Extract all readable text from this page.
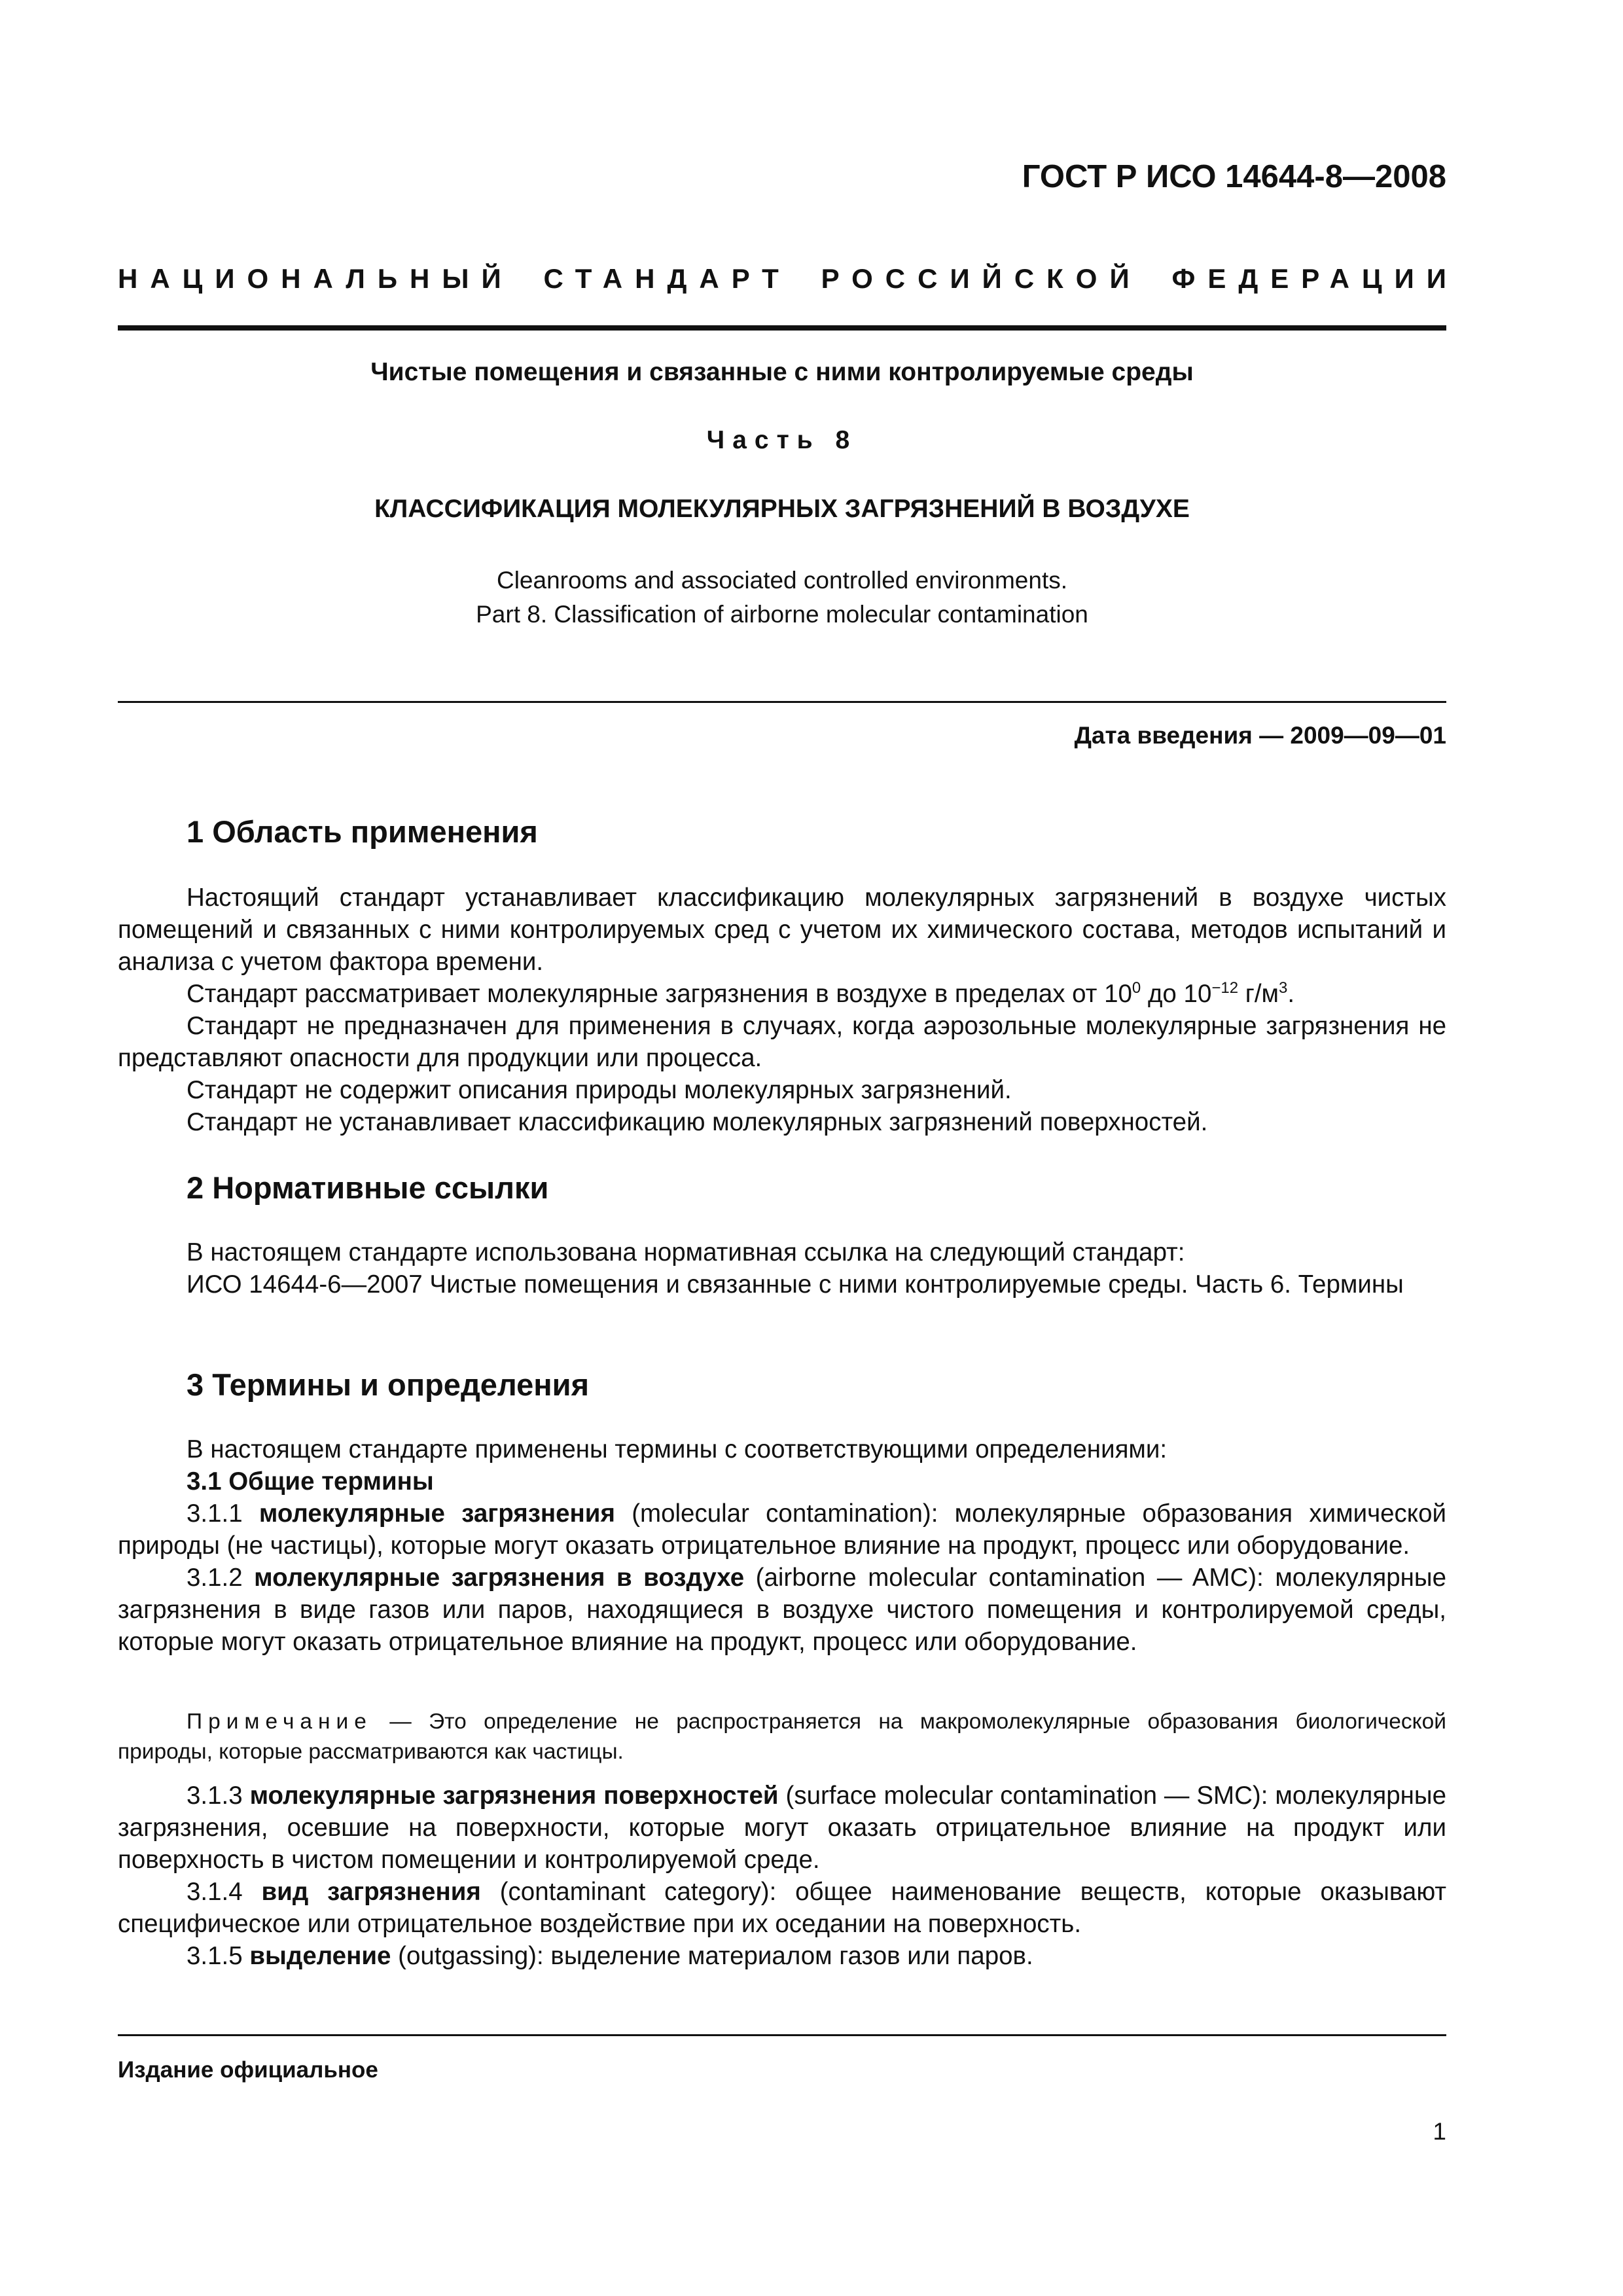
ГОСТ Р ИСО 14644-8—2008
НАЦИОНАЛЬНЫЙ СТАНДАРТ РОССИЙСКОЙ ФЕДЕРАЦИИ
Чистые помещения и связанные с ними контролируемые среды
Часть 8
КЛАССИФИКАЦИЯ МОЛЕКУЛЯРНЫХ ЗАГРЯЗНЕНИЙ В ВОЗДУХЕ
Cleanrooms and associated controlled environments.
Part 8. Classification of airborne molecular contamination
Дата введения — 2009—09—01
1 Область применения

Настоящий стандарт устанавливает классификацию молекулярных загрязнений в воздухе чистых помещений и связанных с ними контролируемых сред с учетом их химического состава, методов испытаний и анализа с учетом фактора времени.

Стандарт рассматривает молекулярные загрязнения в воздухе в пределах от $10^0$ до $10^{-12}$ $г/м^3$.

Стандарт не предназначен для применения в случаях, когда аэрозольные молекулярные загрязнения не представляют опасности для продукции или процесса.

Стандарт не содержит описания природы молекулярных загрязнений.

Стандарт не устанавливает классификацию молекулярных загрязнений поверхностей.

2 Нормативные ссылки

В настоящем стандарте использована нормативная ссылка на следующий стандарт:

ИСО 14644-6—2007 Чистые помещения и связанные с ними контролируемые среды. Часть 6. Термины

3 Термины и определения

В настоящем стандарте применены термины с соответствующими определениями:

3.1 Общие термины

3.1.1 молекулярные загрязнения (molecular contamination): молекулярные образования химической природы (не частицы), которые могут оказать отрицательное влияние на продукт, процесс или оборудование.

3.1.2 молекулярные загрязнения в воздухе (airborne molecular contamination — AMC): молекулярные загрязнения в виде газов или паров, находящиеся в воздухе чистого помещения и контролируемой среды, которые могут оказать отрицательное влияние на продукт, процесс или оборудование.

Примечание — Это определение не распространяется на макромолекулярные образования биологической природы, которые рассматриваются как частицы.

3.1.3 молекулярные загрязнения поверхностей (surface molecular contamination — SMC): молекулярные загрязнения, осевшие на поверхности, которые могут оказать отрицательное влияние на продукт или поверхность в чистом помещении и контролируемой среде.

3.1.4 вид загрязнения (contaminant category): общее наименование веществ, которые оказывают специфическое или отрицательное воздействие при их оседании на поверхность.

3.1.5 выделение (outgassing): выделение материалом газов или паров.

Издание официальное
1
